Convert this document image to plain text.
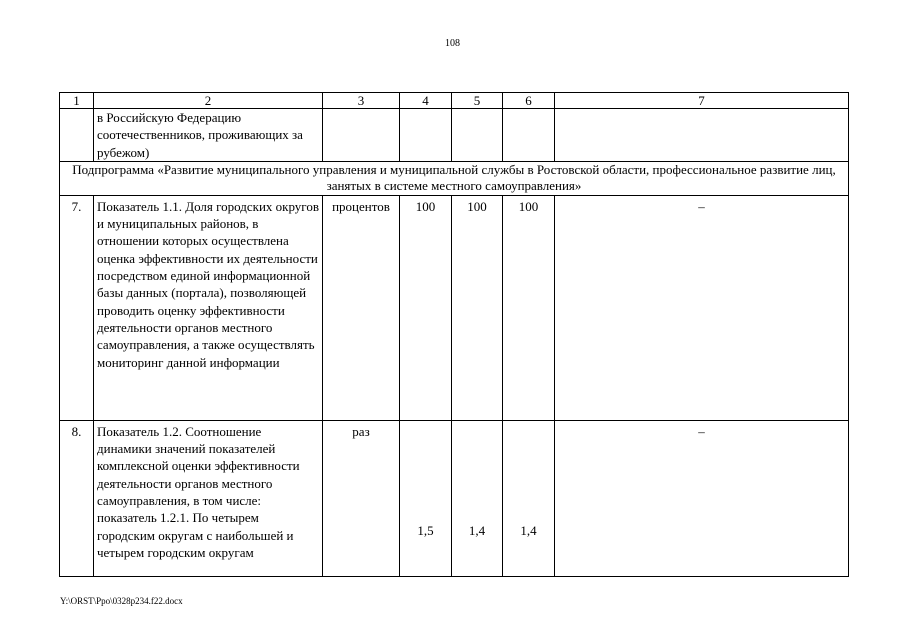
108
1	2	3	4	5	6	7
	в Российскую Федерацию соотечественников, проживающих за рубежом)					
Подпрограмма «Развитие муниципального управления и муниципальной службы в Ростовской области, профессиональное развитие лиц, занятых в системе местного самоуправления»						
7.	Показатель 1.1. Доля городских округов и муниципальных районов, в отношении которых осуществлена оценка эффективности их деятельности посредством единой информационной базы данных (портала), позволяющей проводить оценку эффективности деятельности органов местного самоуправления, а также осуществлять мониторинг данной информации	процентов	100	100	100	–
8.	Показатель 1.2. Соотношение динамики значений показателей комплексной оценки эффективности деятельности органов местного самоуправления, в том числе: показатель 1.2.1. По четырем городским округам с наибольшей и четырем городским округам	раз	1,5	1,4	1,4	–
Y:\ORST\Ppo\0328p234.f22.docx
